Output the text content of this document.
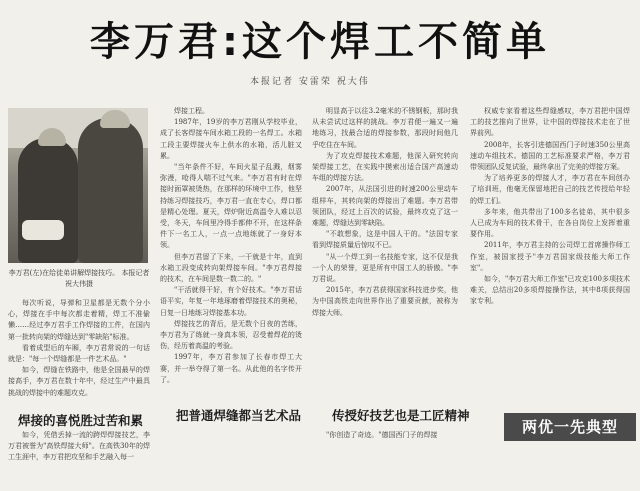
李万君:这个焊工不简单
本报记者 安雷荣 祝大伟
李万君(左)在给徒弟讲解焊接技巧。 本报记者 祝大伟摄

每次听说，导弹和卫星都是无数个分小心，焊接在手中每次都走着精，焊工不准偷懒……经过李万君手工作焊接的工件，在国内第一批转向架的焊缝达到"零缺陷"标准。

看着成型后的车厢，李万君常说的一句话就是："每一个焊缝都是一件艺术品。"

如今，焊缝在铁路中，他是全国最早的焊接高手，李万君在数十年中，经过生产中最具挑战的焊接中的难题攻克。

焊接的喜悦胜过苦和累

如今，凭借丢掉一流的跨焊焊接技艺，李万君被誉为"高铁焊接大师"。在高铁30年的焊工生涯中，李万君把攻坚和手艺融入每一

焊接工程。

1987年，19岁的李万君刚从学校毕业，成了长客焊接车间水箱工段的一名焊工。水箱工段主要焊接火车上供水的水箱，活儿脏又累。

"当年条件不好，车间火星子乱溅，烟雾弥漫，呛得人喘不过气来。"李万君有时在焊接时面罩被烫热，在那样的环境中工作，他坚持练习焊接技巧，李万君一直在专心，焊口都是精心处理。夏天，焊炉附近高温令人难以忍受，冬天，车间里冷得手都伸不开，在这样条件下一名工人，一点一点地练就了一身好本领。

但李万君留了下来，一干就是十年，直到水箱工段变成转向架焊接车间。"李万君焊接的技术，在车间是数一数二的。"

"干活就得干好，有个好技术。"李万君话语平实，年复一年地琢磨着焊接技术的奥秘，日复一日地练习焊接基本功。

焊接技艺的背后，是无数个日夜的苦练，李万君为了练就一身真本领，忍受着焊花的烫伤，经历着高温的考验。

1997年，李万君参加了长春市焊工大赛，并一举夺得了第一名。从此他的名字传开了。

把普通焊缝都当艺术品

明显高于以往3.2毫米的不锈钢板，那时我从未尝试过这样的挑战。李万君便一遍又一遍地练习，找最合适的焊接参数，那段时间他几乎吃住在车间。

为了攻克焊接技术难题，他深入研究转向架焊接工艺，在实践中摸索出适合国产高速动车组的焊接方法。

2007年，从法国引进的时速200公里动车组样车，其转向架的焊接出了难题。李万君带领团队，经过上百次的试验，最终攻克了这一难题，焊缝达到零缺陷。

"不敢想象，这是中国人干的。"法国专家看到焊接质量后惊叹不已。

"从一个焊工到一名技能专家，这不仅是我一个人的荣誉，更是所有中国工人的骄傲。"李万君说。

2015年，李万君获得国家科技进步奖，他为中国高铁走向世界作出了重要贡献，被称为焊接大师。

传授好技艺也是工匠精神

"你创造了奇迹。"德国西门子的焊接

权威专家看着这些焊缝感叹，李万君把中国焊工的技艺推向了世界，让中国的焊接技术走在了世界前列。

2008年，长客引进德国西门子时速350公里高速动车组技术。德国的工艺标准要求严格，李万君带领团队反复试验，最终拿出了完美的焊接方案。

为了培养更多的焊接人才，李万君在车间创办了培训班，他毫无保留地把自己的技艺传授给年轻的焊工们。

多年来，他共带出了100多名徒弟，其中很多人已成为车间的技术骨干，在各自岗位上发挥着重要作用。

2011年，李万君主持的公司焊工首席操作师工作室，被国家授予"李万君国家级技能大师工作室"。

如今，"李万君大师工作室"已攻克100多项技术难关，总结出20多项焊接操作法，其中8项获得国家专利。

两优一先典型
